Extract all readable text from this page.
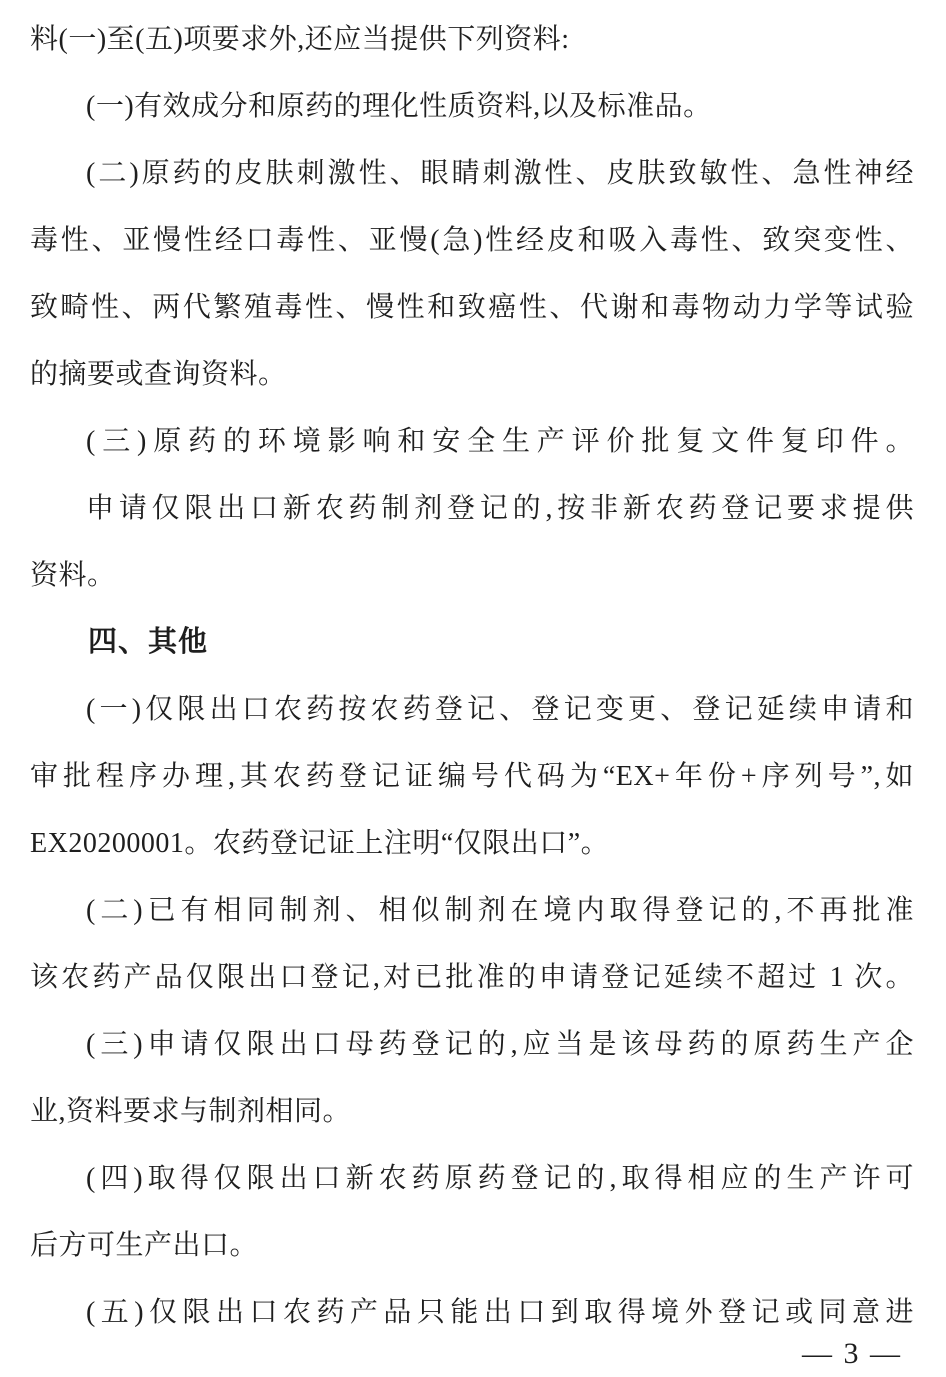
料(一)至(五)项要求外,还应当提供下列资料:
(一)有效成分和原药的理化性质资料,以及标准品。
(二)原药的皮肤刺激性、眼睛刺激性、皮肤致敏性、急性神经
毒性、亚慢性经口毒性、亚慢(急)性经皮和吸入毒性、致突变性、
致畸性、两代繁殖毒性、慢性和致癌性、代谢和毒物动力学等试验
的摘要或查询资料。
(三)原药的环境影响和安全生产评价批复文件复印件。
申请仅限出口新农药制剂登记的,按非新农药登记要求提供
资料。
四、其他
(一)仅限出口农药按农药登记、登记变更、登记延续申请和
审批程序办理,其农药登记证编号代码为“EX+年份+序列号”,如
EX20200001。农药登记证上注明“仅限出口”。
(二)已有相同制剂、相似制剂在境内取得登记的,不再批准
该农药产品仅限出口登记,对已批准的申请登记延续不超过 1 次。
(三)申请仅限出口母药登记的,应当是该母药的原药生产企
业,资料要求与制剂相同。
(四)取得仅限出口新农药原药登记的,取得相应的生产许可
后方可生产出口。
(五)仅限出口农药产品只能出口到取得境外登记或同意进
— 3 —
